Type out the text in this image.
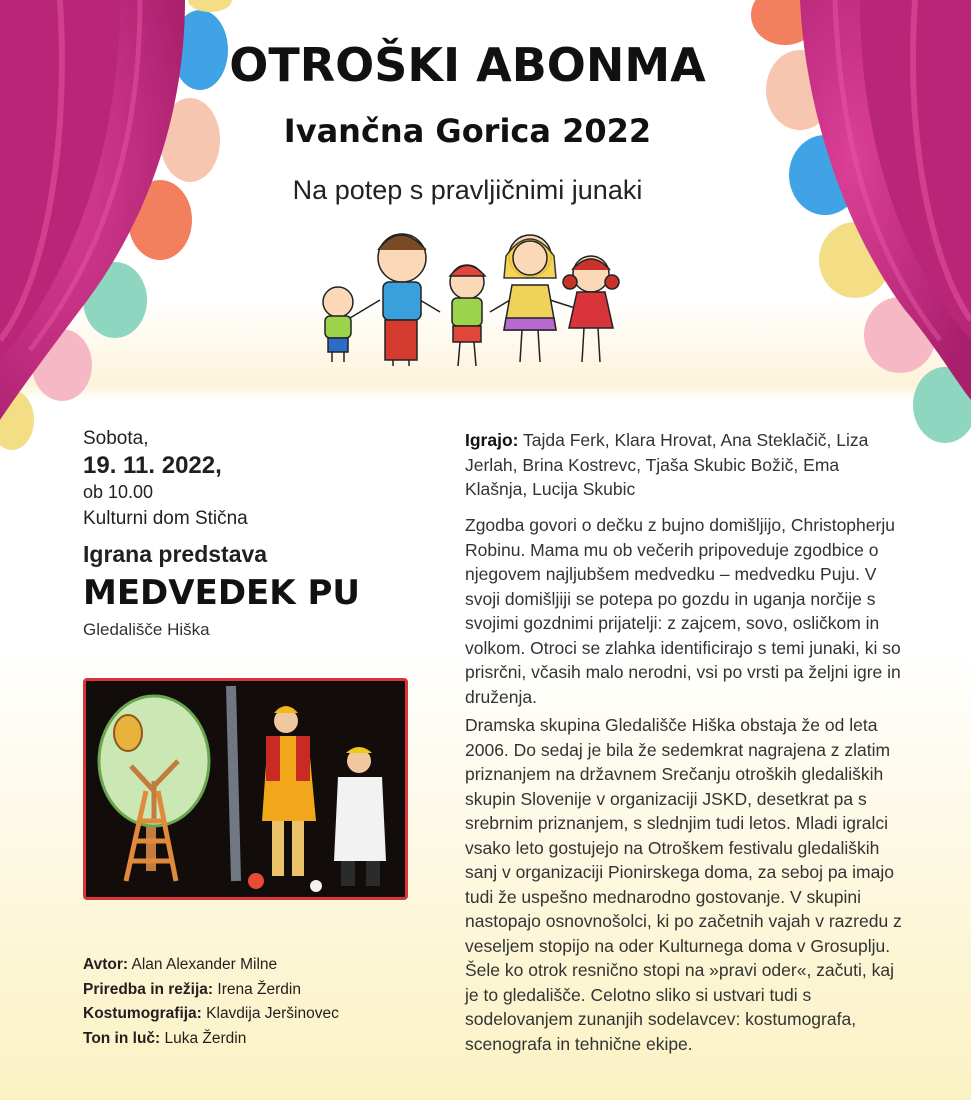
OTROŠKI ABONMA
Ivančna Gorica 2022
Na potep s pravljičnimi junaki
Sobota,
19. 11. 2022,
ob 10.00
Kulturni dom Stična
Igrana predstava
MEDVEDEK PU
Gledališče Hiška
Avtor: Alan Alexander Milne
Priredba in režija: Irena Žerdin
Kostumografija: Klavdija Jeršinovec
Ton in luč: Luka Žerdin
Igrajo: Tajda Ferk, Klara Hrovat, Ana Steklačič, Liza Jerlah, Brina Kostrevc, Tjaša Skubic Božič, Ema Klašnja, Lucija Skubic
Zgodba govori o dečku z bujno domišljijo, Christopherju Robinu. Mama mu ob večerih pripoveduje zgodbice o njegovem najljubšem medvedku – medvedku Puju. V svoji domišljiji se potepa po gozdu in uganja norčije s svojimi gozdnimi prijatelji: z zajcem, sovo, osličkom in volkom. Otroci se zlahka identificirajo s temi junaki, ki so prisrčni, včasih malo nerodni, vsi po vrsti pa željni igre in druženja.
Dramska skupina Gledališče Hiška obstaja že od leta 2006. Do sedaj je bila že sedemkrat nagrajena z zlatim priznanjem na državnem Srečanju otroških gledaliških skupin Slovenije v organizaciji JSKD, desetkrat pa s srebrnim priznanjem, s slednjim tudi letos. Mladi igralci vsako leto gostujejo na Otroškem festivalu gledaliških sanj v organizaciji Pionirskega doma, za seboj pa imajo tudi že uspešno mednarodno gostovanje. V skupini nastopajo osnovnošolci, ki po začetnih vajah v razredu z veseljem stopijo na oder Kulturnega doma v Grosuplju. Šele ko otrok resnično stopi na »pravi oder«, začuti, kaj je to gledališče. Celotno sliko si ustvari tudi s sodelovanjem zunanjih sodelavcev: kostumografa, scenografa in tehnične ekipe.
